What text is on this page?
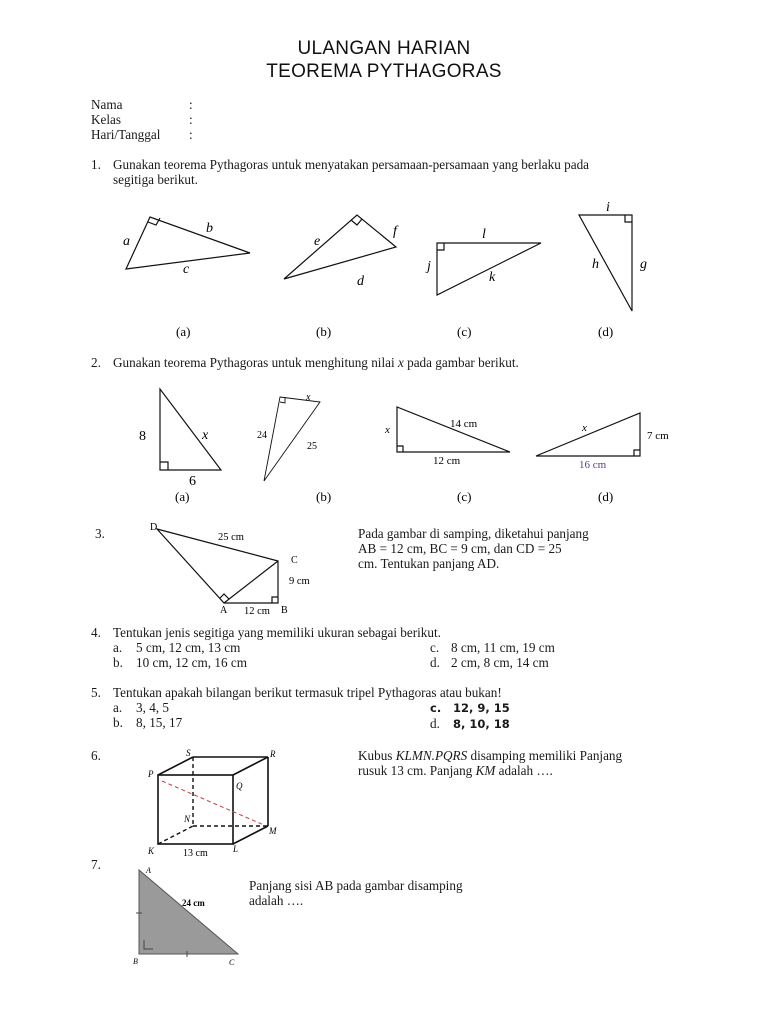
ULANGAN HARIAN
TEOREMA PYTHAGORAS
Nama	:
Kelas	:
Hari/Tanggal :
1. Gunakan teorema Pythagoras untuk menyatakan persamaan-persamaan yang berlaku pada
segitiga berikut.
a
b
c
(a)
e
f
d
(b)
l
j
k
(c)
i
h	g
(d)
2. Gunakan teorema Pythagoras untuk menghitung nilai x pada gambar berikut.
8	x
6
(a)
x
24
25
(b)
14 cm
x
12 cm
(c)
x
7 cm
16 cm
(d)
3.	D
25 cm
C
9 cm
A 12 cm B
Pada gambar di samping, diketahui panjang
AB = 12 cm, BC = 9 cm, dan CD = 25
cm. Tentukan panjang AD.
4. Tentukan jenis segitiga yang memiliki ukuran sebagai berikut.
a. 5 cm, 12 cm, 13 cm
b. 10 cm, 12 cm, 16 cm
c. 8 cm, 11 cm, 19 cm
d. 2 cm, 8 cm, 14 cm
5. Tentukan apakah bilangan berikut termasuk tripel Pythagoras atau bukan!
a. 3, 4, 5
b. 8, 15, 17
c. 12, 9, 15
d. 8, 10, 18
6.	S	R
P
Q
N
M
K	L
13 cm
Kubus KLMN.PQRS disamping memiliki Panjang
rusuk 13 cm. Panjang KM adalah ….
7.	A
24 cm
B	C
Panjang sisi AB pada gambar disamping
adalah ….
